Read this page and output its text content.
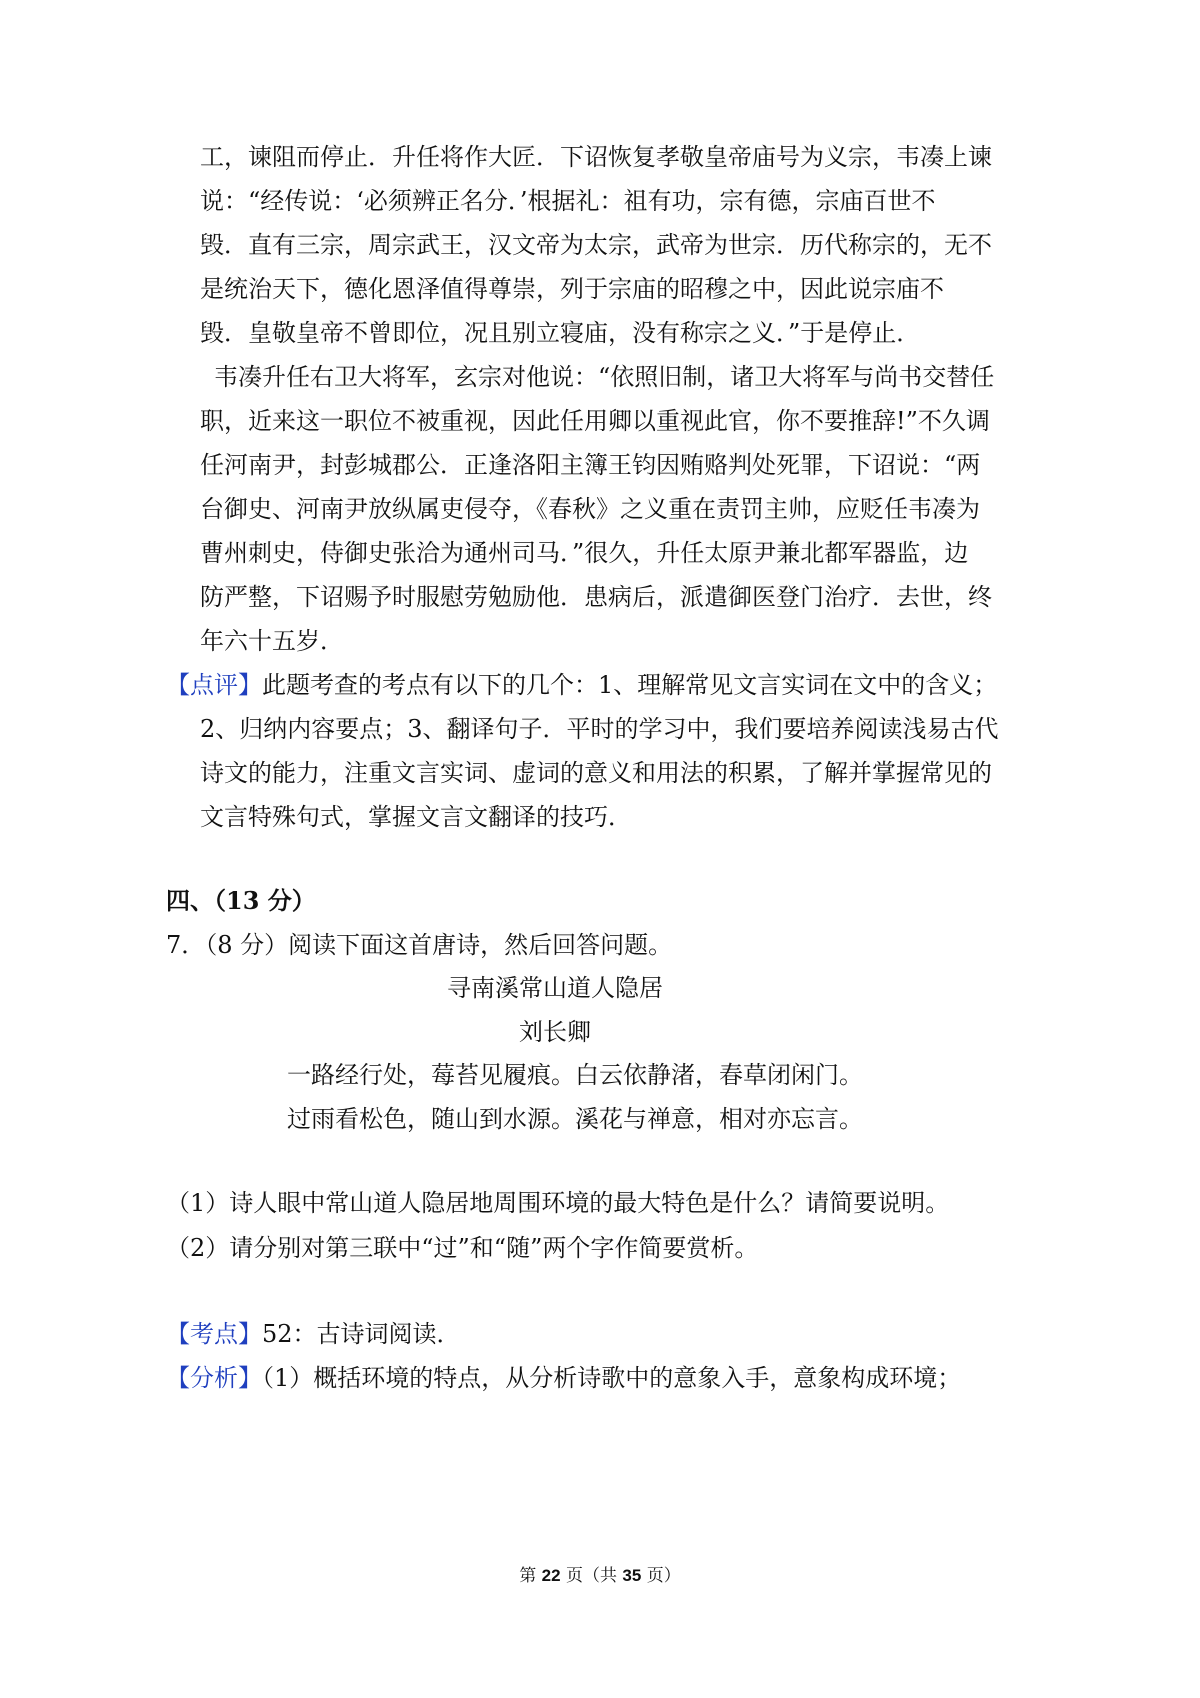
工，谏阻而停止．升任将作大匠．下诏恢复孝敬皇帝庙号为义宗，韦凑上谏
说：“经传说：‘必须辨正名分．’根据礼：祖有功，宗有德，宗庙百世不
毁．直有三宗，周宗武王，汉文帝为太宗，武帝为世宗．历代称宗的，无不
是统治天下，德化恩泽值得尊崇，列于宗庙的昭穆之中，因此说宗庙不
毁．皇敬皇帝不曾即位，况且别立寝庙，没有称宗之义．”于是停止．
韦凑升任右卫大将军，玄宗对他说：“依照旧制，诸卫大将军与尚书交替任
职，近来这一职位不被重视，因此任用卿以重视此官，你不要推辞!”不久调
任河南尹，封彭城郡公．正逢洛阳主簿王钧因贿赂判处死罪，下诏说：“两
台御史、河南尹放纵属吏侵夺，《春秋》之义重在责罚主帅，应贬任韦凑为
曹州刺史，侍御史张洽为通州司马．”很久，升任太原尹兼北都军器监，边
防严整，下诏赐予时服慰劳勉励他．患病后，派遣御医登门治疗．去世，终
年六十五岁．
【点评】此题考查的考点有以下的几个：1、理解常见文言实词在文中的含义；
2、归纳内容要点；3、翻译句子．平时的学习中，我们要培养阅读浅易古代
诗文的能力，注重文言实词、虚词的意义和用法的积累，了解并掌握常见的
文言特殊句式，掌握文言文翻译的技巧．
四、（13 分）
7．（8 分）阅读下面这首唐诗，然后回答问题。
寻南溪常山道人隐居
刘长卿
一路经行处，莓苔见履痕。白云依静渚，春草闭闲门。
过雨看松色，随山到水源。溪花与禅意，相对亦忘言。
（1）诗人眼中常山道人隐居地周围环境的最大特色是什么？请简要说明。
（2）请分别对第三联中“过”和“随”两个字作简要赏析。
【考点】52：古诗词阅读．
【分析】（1）概括环境的特点，从分析诗歌中的意象入手，意象构成环境；
第 22 页（共 35 页）
